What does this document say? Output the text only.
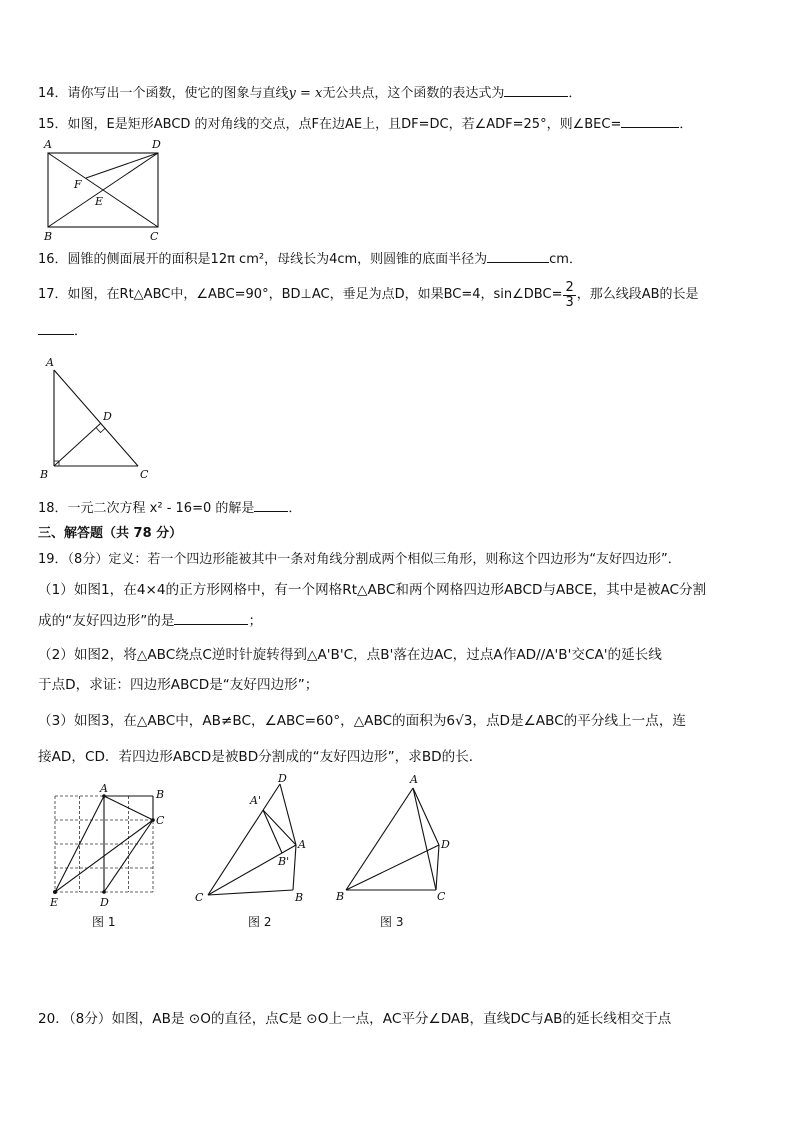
14．请你写出一个函数，使它的图象与直线y = x无公共点，这个函数的表达式为	．
15．如图，E是矩形ABCD 的对角线的交点，点F在边AE上，且DF=DC，若∠ADF=25°，则∠BEC=	．
A	D
F
E
B	C
16．圆锥的侧面展开的面积是12π cm²，母线长为4cm，则圆锥的底面半径为	cm．
17．如图，在Rt△ABC中，∠ABC=90°，BD⊥AC，垂足为点D，如果BC=4，sin∠DBC= $\frac{2}{3}$ ，那么线段AB的长是
．
A
D
B	C
18．一元二次方程 x² - 16=0 的解是	．
三、解答题（共 78 分）
19．（8分）定义：若一个四边形能被其中一条对角线分割成两个相似三角形，则称这个四边形为“友好四边形”．
（1）如图1，在4×4的正方形网格中，有一个网格Rt△ABC和两个网格四边形ABCD与ABCE，其中是被AC分割
成的“友好四边形”的是	；
（2）如图2，将△ABC绕点C逆时针旋转得到△A'B'C，点B'落在边AC，过点A作AD//A'B'交CA'的延长线
于点D，求证：四边形ABCD是“友好四边形”；
（3）如图3，在△ABC中，AB≠BC，∠ABC=60°，△ABC的面积为6√3，点D是∠ABC的平分线上一点，连
接AD，CD．若四边形ABCD是被BD分割成的“友好四边形”，求BD的长．
A	B
C
D
E
图 1
A'
D
A
B'
C	B
图 2
A
D
B	C
图 3
20．（8分）如图，AB是 ⊙O的直径，点C是 ⊙O上一点，AC平分∠DAB，直线DC与AB的延长线相交于点
